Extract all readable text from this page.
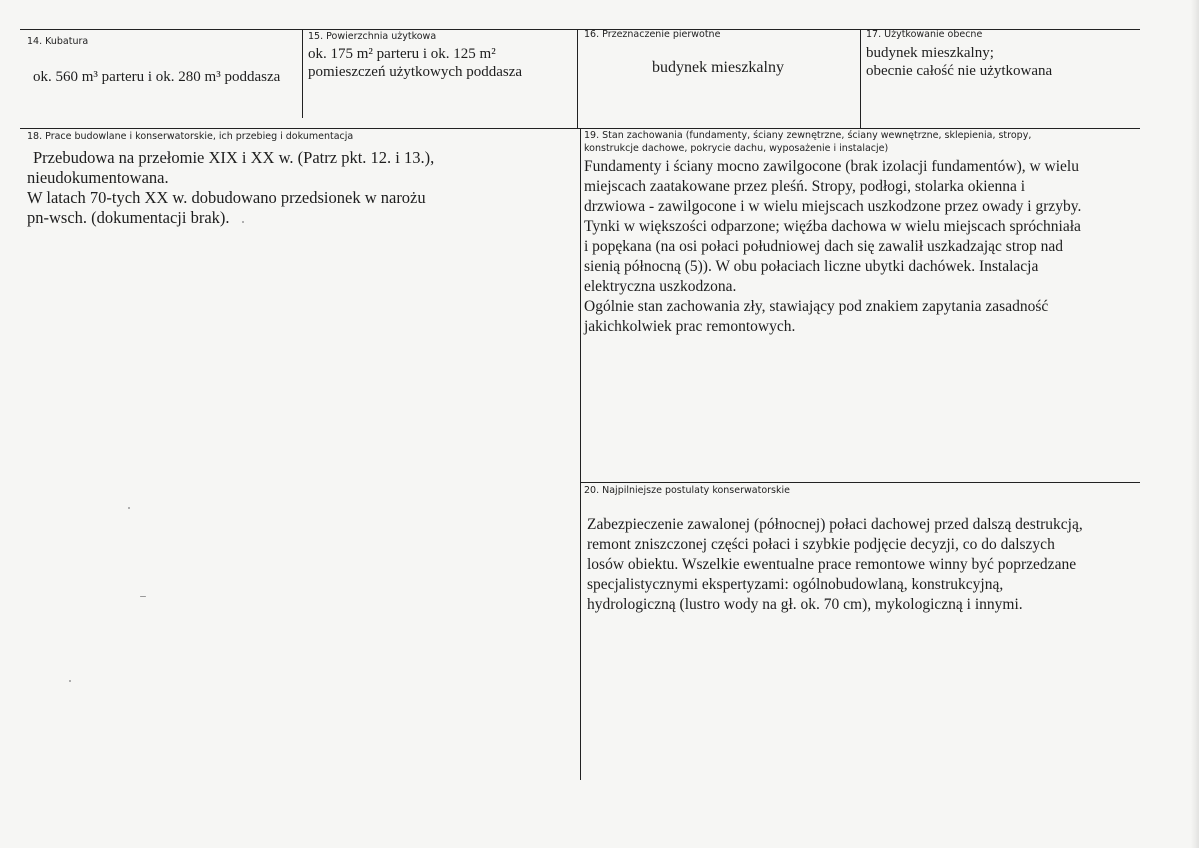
14. Kubatura
ok. 560 m³ parteru i ok. 280 m³ poddasza
15. Powierzchnia użytkowa
ok. 175 m² parteru i ok. 125 m²
pomieszczeń użytkowych poddasza
16. Przeznaczenie pierwotne
budynek mieszkalny
17. Użytkowanie obecne
budynek mieszkalny;
obecnie całość nie użytkowana
18. Prace budowlane i konserwatorskie, ich przebieg i dokumentacja
Przebudowa na przełomie XIX i XX w. (Patrz pkt. 12. i 13.),
nieudokumentowana.
W latach 70-tych XX w. dobudowano przedsionek w narożu
pn-wsch. (dokumentacji brak).
19. Stan zachowania (fundamenty, ściany zewnętrzne, ściany wewnętrzne, sklepienia, stropy,
konstrukcje dachowe, pokrycie dachu, wyposażenie i instalacje)
Fundamenty i ściany mocno zawilgocone (brak izolacji fundamentów), w wielu
miejscach zaatakowane przez pleśń. Stropy, podłogi, stolarka okienna i
drzwiowa - zawilgocone i w wielu miejscach uszkodzone przez owady i grzyby.
Tynki w większości odparzone; więźba dachowa w wielu miejscach spróchniała
i popękana (na osi połaci południowej dach się zawalił uszkadzając strop nad
sienią północną (5)). W obu połaciach liczne ubytki dachówek. Instalacja
elektryczna uszkodzona.
Ogólnie stan zachowania zły, stawiający pod znakiem zapytania zasadność
jakichkolwiek prac remontowych.
20. Najpilniejsze postulaty konserwatorskie
Zabezpieczenie zawalonej (północnej) połaci dachowej przed dalszą destrukcją,
remont zniszczonej części połaci i szybkie podjęcie decyzji, co do dalszych
losów obiektu. Wszelkie ewentualne prace remontowe winny być poprzedzane
specjalistycznymi ekspertyzami: ogólnobudowlaną, konstrukcyjną,
hydrologiczną (lustro wody na gł. ok. 70 cm), mykologiczną i innymi.
